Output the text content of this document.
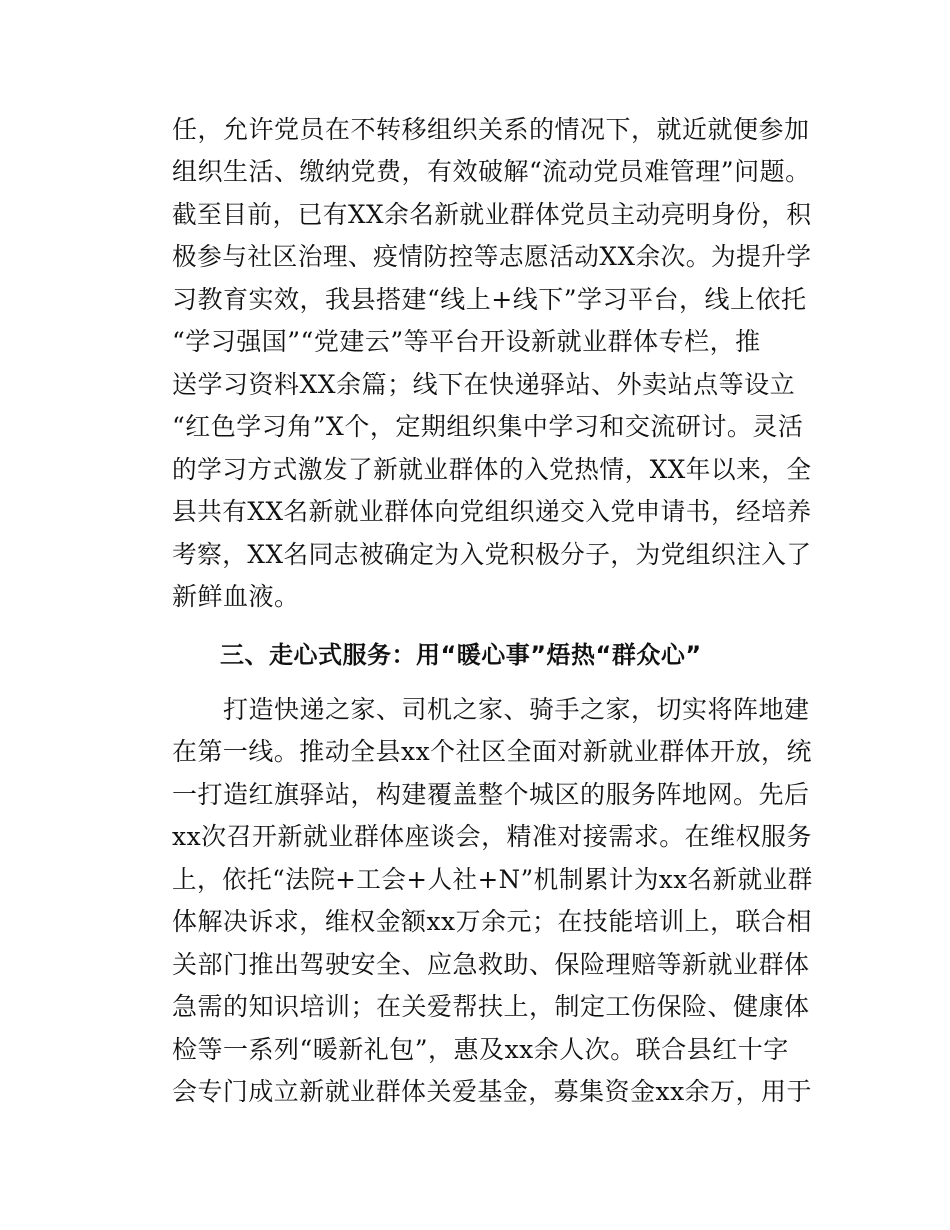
任，允许党员在不转移组织关系的情况下，就近就便参加
组织生活、缴纳党费，有效破解“流动党员难管理”问题。
截至目前，已有XX余名新就业群体党员主动亮明身份，积
极参与社区治理、疫情防控等志愿活动XX余次。为提升学
习教育实效，我县搭建“线上+线下”学习平台，线上依托
“学习强国”“党建云”等平台开设新就业群体专栏，推
送学习资料XX余篇；线下在快递驿站、外卖站点等设立
“红色学习角”X个，定期组织集中学习和交流研讨。灵活
的学习方式激发了新就业群体的入党热情，XX年以来，全
县共有XX名新就业群体向党组织递交入党申请书，经培养
考察，XX名同志被确定为入党积极分子，为党组织注入了
新鲜血液。
三、走心式服务：用“暖心事”焐热“群众心”
　　打造快递之家、司机之家、骑手之家，切实将阵地建
在第一线。推动全县xx个社区全面对新就业群体开放，统
一打造红旗驿站，构建覆盖整个城区的服务阵地网。先后
xx次召开新就业群体座谈会，精准对接需求。在维权服务
上，依托“法院+工会+人社+N”机制累计为xx名新就业群
体解决诉求，维权金额xx万余元；在技能培训上，联合相
关部门推出驾驶安全、应急救助、保险理赔等新就业群体
急需的知识培训；在关爱帮扶上，制定工伤保险、健康体
检等一系列“暖新礼包”，惠及xx余人次。联合县红十字
会专门成立新就业群体关爱基金，募集资金xx余万，用于
